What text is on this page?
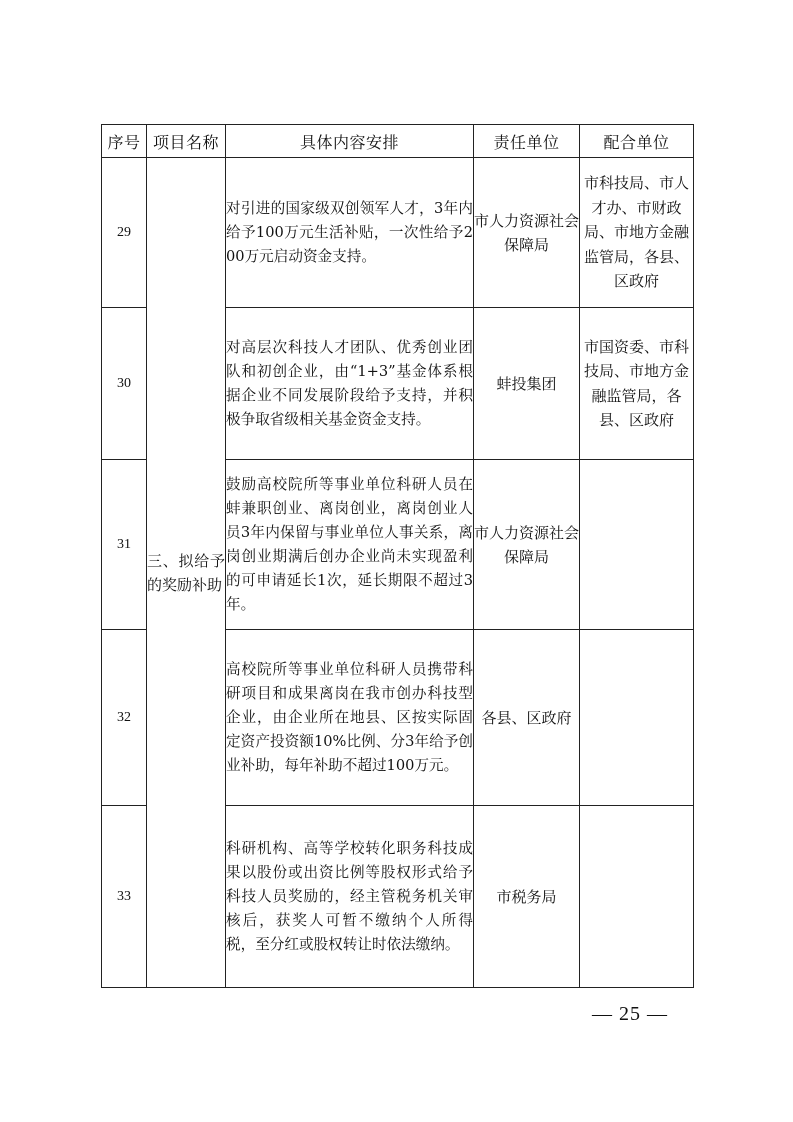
序号	项目名称	具体内容安排	责任单位	配合单位
29	三、拟给予的奖励补助	对引进的国家级双创领军人才，3年内给予100万元生活补贴，一次性给予200万元启动资金支持。	市人力资源社会保障局	市科技局、市人才办、市财政局、市地方金融监管局，各县、区政府
30		对高层次科技人才团队、优秀创业团队和初创企业，由“1+3”基金体系根据企业不同发展阶段给予支持，并积极争取省级相关基金资金支持。	蚌投集团	市国资委、市科技局、市地方金融监管局，各县、区政府
31		鼓励高校院所等事业单位科研人员在蚌兼职创业、离岗创业，离岗创业人员3年内保留与事业单位人事关系，离岗创业期满后创办企业尚未实现盈利的可申请延长1次，延长期限不超过3年。	市人力资源社会保障局	
32		高校院所等事业单位科研人员携带科研项目和成果离岗在我市创办科技型企业，由企业所在地县、区按实际固定资产投资额10%比例、分3年给予创业补助，每年补助不超过100万元。	各县、区政府	
33		科研机构、高等学校转化职务科技成果以股份或出资比例等股权形式给予科技人员奖励的，经主管税务机关审核后，获奖人可暂不缴纳个人所得税，至分红或股权转让时依法缴纳。	市税务局	
— 25 —
